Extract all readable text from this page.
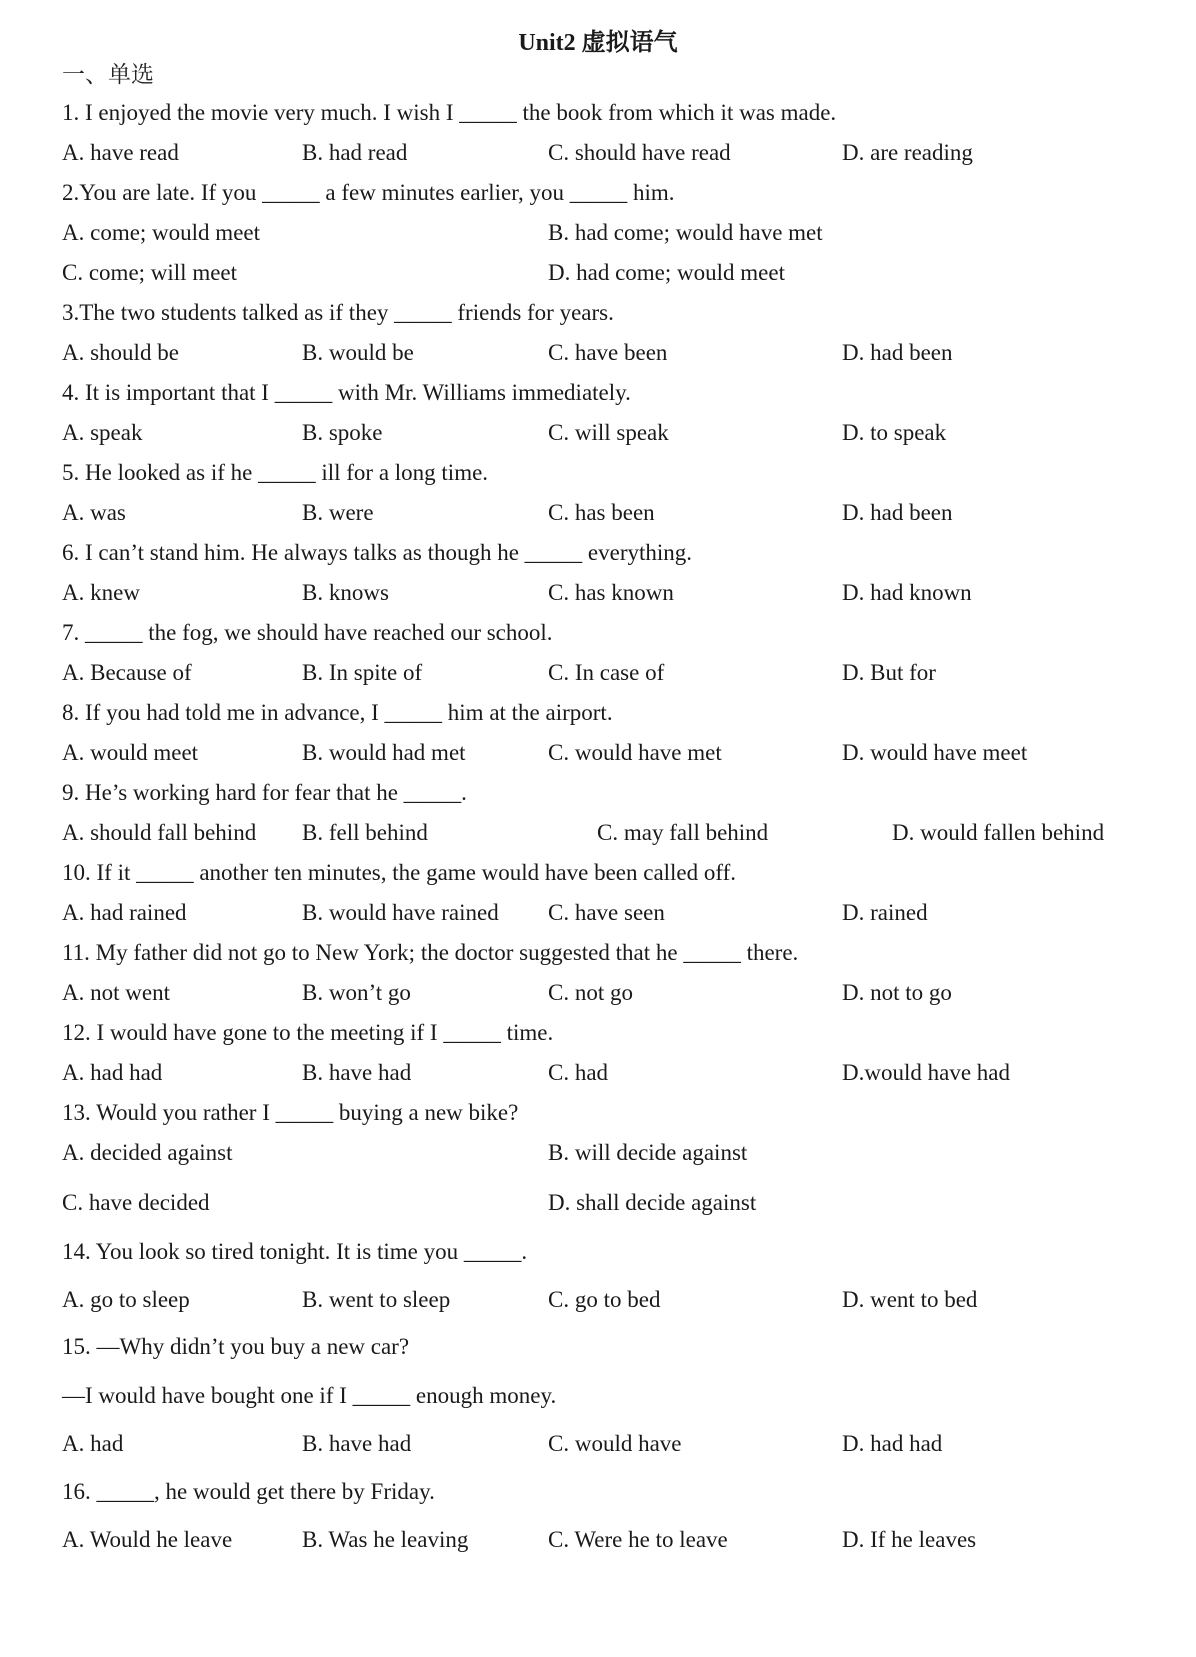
Unit2 虚拟语气
一、单选
1. I enjoyed the movie very much. I wish I _____ the book from which it was made.
A. have read	B. had read	C. should have read	D. are reading
2.You are late. If you _____ a few minutes earlier, you _____ him.
A. come; would meet	B. had come; would have met
C. come; will meet	D. had come; would meet
3.The two students talked as if they _____ friends for years.
A. should be	B. would be	C. have been	D. had been
4. It is important that I _____ with Mr. Williams immediately.
A. speak	B. spoke	C. will speak	D. to speak
5. He looked as if he _____ ill for a long time.
A. was	B. were	C. has been	D. had been
6. I can’t stand him. He always talks as though he _____ everything.
A. knew	B. knows	C. has known	D. had known
7. _____ the fog, we should have reached our school.
A. Because of	B. In spite of	C. In case of	D. But for
8. If you had told me in advance, I _____ him at the airport.
A. would meet	B. would had met	C. would have met	D. would have meet
9. He’s working hard for fear that he _____.
A. should fall behind B. fell behind	C. may fall behind	D. would fallen behind
10. If it _____ another ten minutes, the game would have been called off.
A. had rained	B. would have rained C. have seen	D. rained
11. My father did not go to New York; the doctor suggested that he _____ there.
A. not went	B. won’t go	C. not go	D. not to go
12. I would have gone to the meeting if I _____ time.
A. had had	B. have had	C. had	D.would have had
13. Would you rather I _____ buying a new bike?
A. decided against	B. will decide against
C. have decided	D. shall decide against
14. You look so tired tonight. It is time you _____.
A. go to sleep	B. went to sleep	C. go to bed	D. went to bed
15. —Why didn’t you buy a new car?
—I would have bought one if I _____ enough money.
A. had	B. have had	C. would have	D. had had
16. _____, he would get there by Friday.
A. Would he leave	B. Was he leaving	C. Were he to leave	D. If he leaves
